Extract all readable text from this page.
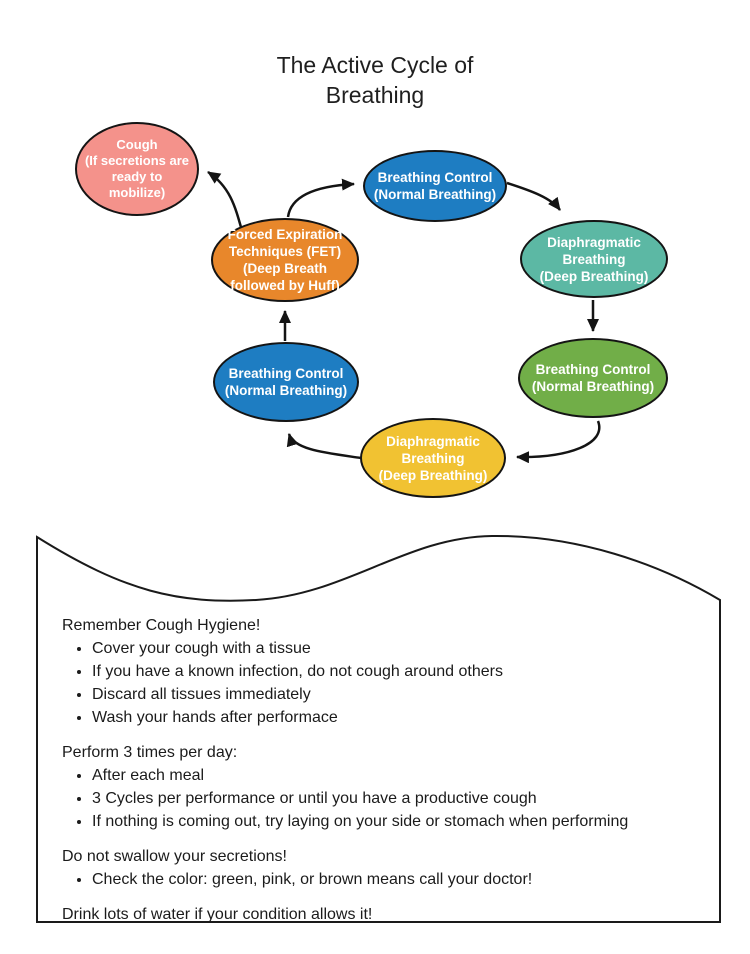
The Active Cycle of
Breathing
Cough
(If secretions are
ready to
mobilize)
Forced Expiration
Techniques (FET)
(Deep Breath
followed by Huff)
Breathing Control
(Normal Breathing)
Diaphragmatic
Breathing
(Deep Breathing)
Breathing Control
(Normal Breathing)
Diaphragmatic
Breathing
(Deep Breathing)
Breathing Control
(Normal Breathing)

Remember Cough Hygiene!

• Cover your cough with a tissue
• If you have a known infection, do not cough around others
• Discard all tissues immediately
• Wash your hands after performace

Perform 3 times per day:

• After each meal
• 3 Cycles per performance or until you have a productive cough
• If nothing is coming out, try laying on your side or stomach when performing

Do not swallow your secretions!

• Check the color: green, pink, or brown means call your doctor!

Drink lots of water if your condition allows it!
